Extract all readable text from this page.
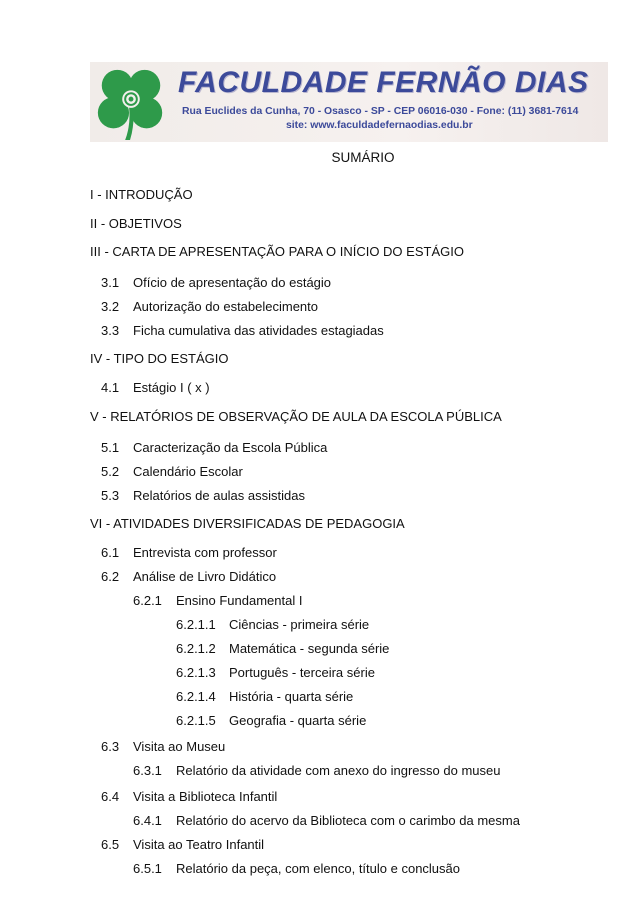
FACULDADE FERNÃO DIAS
Rua Euclides da Cunha, 70 - Osasco - SP - CEP 06016-030 - Fone: (11) 3681-7614
site: www.faculdadefernaodias.edu.br
SUMÁRIO
I - INTRODUÇÃO
II - OBJETIVOS
III - CARTA DE APRESENTAÇÃO PARA O INÍCIO DO ESTÁGIO
3.1 Ofício de apresentação do estágio
3.2 Autorização do estabelecimento
3.3 Ficha cumulativa das atividades estagiadas
IV - TIPO DO ESTÁGIO
4.1 Estágio I ( x )
V - RELATÓRIOS DE OBSERVAÇÃO DE AULA DA ESCOLA PÚBLICA
5.1 Caracterização da Escola Pública
5.2 Calendário Escolar
5.3 Relatórios de aulas assistidas
VI - ATIVIDADES DIVERSIFICADAS DE PEDAGOGIA
6.1 Entrevista com professor
6.2 Análise de Livro Didático
6.2.1 Ensino Fundamental I
6.2.1.1 Ciências - primeira série
6.2.1.2 Matemática - segunda série
6.2.1.3 Português - terceira série
6.2.1.4 História - quarta série
6.2.1.5 Geografia - quarta série
6.3 Visita ao Museu
6.3.1 Relatório da atividade com anexo do ingresso do museu
6.4 Visita a Biblioteca Infantil
6.4.1 Relatório do acervo da Biblioteca com o carimbo da mesma
6.5 Visita ao Teatro Infantil
6.5.1 Relatório da peça, com elenco, título e conclusão
